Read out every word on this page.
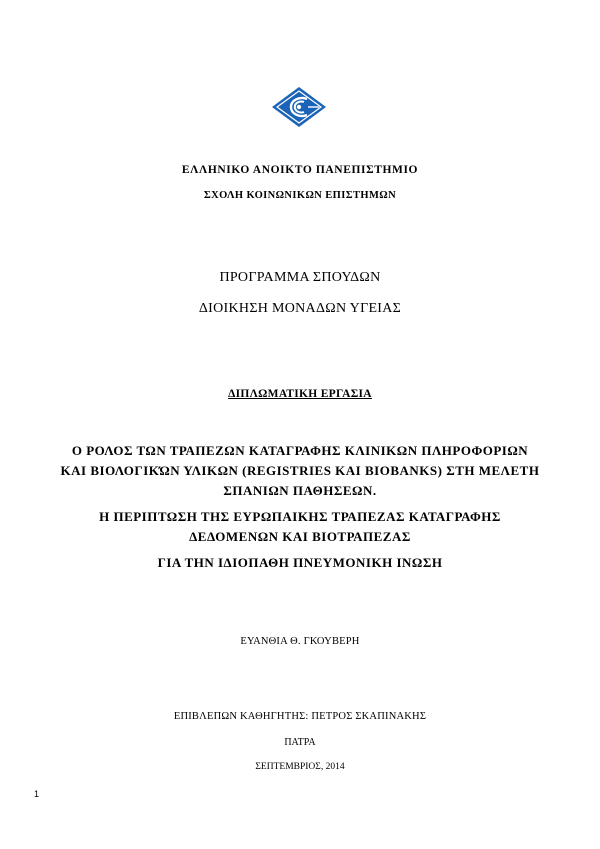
ΕΛΛΗΝΙΚΟ ΑΝΟΙΚΤΟ ΠΑΝΕΠΙΣΤΗΜΙΟ

ΣΧΟΛΗ ΚΟΙΝΩΝΙΚΩΝ ΕΠΙΣΤΗΜΩΝ

ΠΡΟΓΡΑΜΜΑ ΣΠΟΥΔΩΝ

ΔΙΟΙΚΗΣΗ ΜΟΝΑΔΩΝ ΥΓΕΙΑΣ

ΔΙΠΛΩΜΑΤΙΚΗ ΕΡΓΑΣΙΑ

Ο ΡΟΛΟΣ ΤΩΝ ΤΡΑΠΕΖΩΝ ΚΑΤΑΓΡΑΦΗΣ ΚΛΙΝΙΚΩΝ ΠΛΗΡΟΦΟΡΙΩΝ ΚΑΙ ΒΙΟΛΟΓΙΚΏΝ ΥΛΙΚΩΝ (REGISTRIES ΚΑΙ BIOBANKS) ΣΤΗ ΜΕΛΕΤΗ ΣΠΑΝΙΩΝ ΠΑΘΗΣΕΩΝ.

Η ΠΕΡΙΠΤΩΣΗ ΤΗΣ ΕΥΡΩΠΑΙΚΗΣ ΤΡΑΠΕΖΑΣ ΚΑΤΑΓΡΑΦΗΣ ΔΕΔΟΜΕΝΩΝ ΚΑΙ ΒΙΟΤΡΑΠΕΖΑΣ

ΓΙΑ ΤΗΝ ΙΔΙΟΠΑΘΗ ΠΝΕΥΜΟΝΙΚΗ ΙΝΩΣΗ

ΕΥΑΝΘΙΑ Θ. ΓΚΟΥΒΕΡΗ

ΕΠΙΒΛΕΠΩΝ ΚΑΘΗΓΗΤΗΣ: ΠΕΤΡΟΣ ΣΚΑΠΙΝΑΚΗΣ

ΠΑΤΡΑ

ΣΕΠΤΕΜΒΡΙΟΣ, 2014

1
